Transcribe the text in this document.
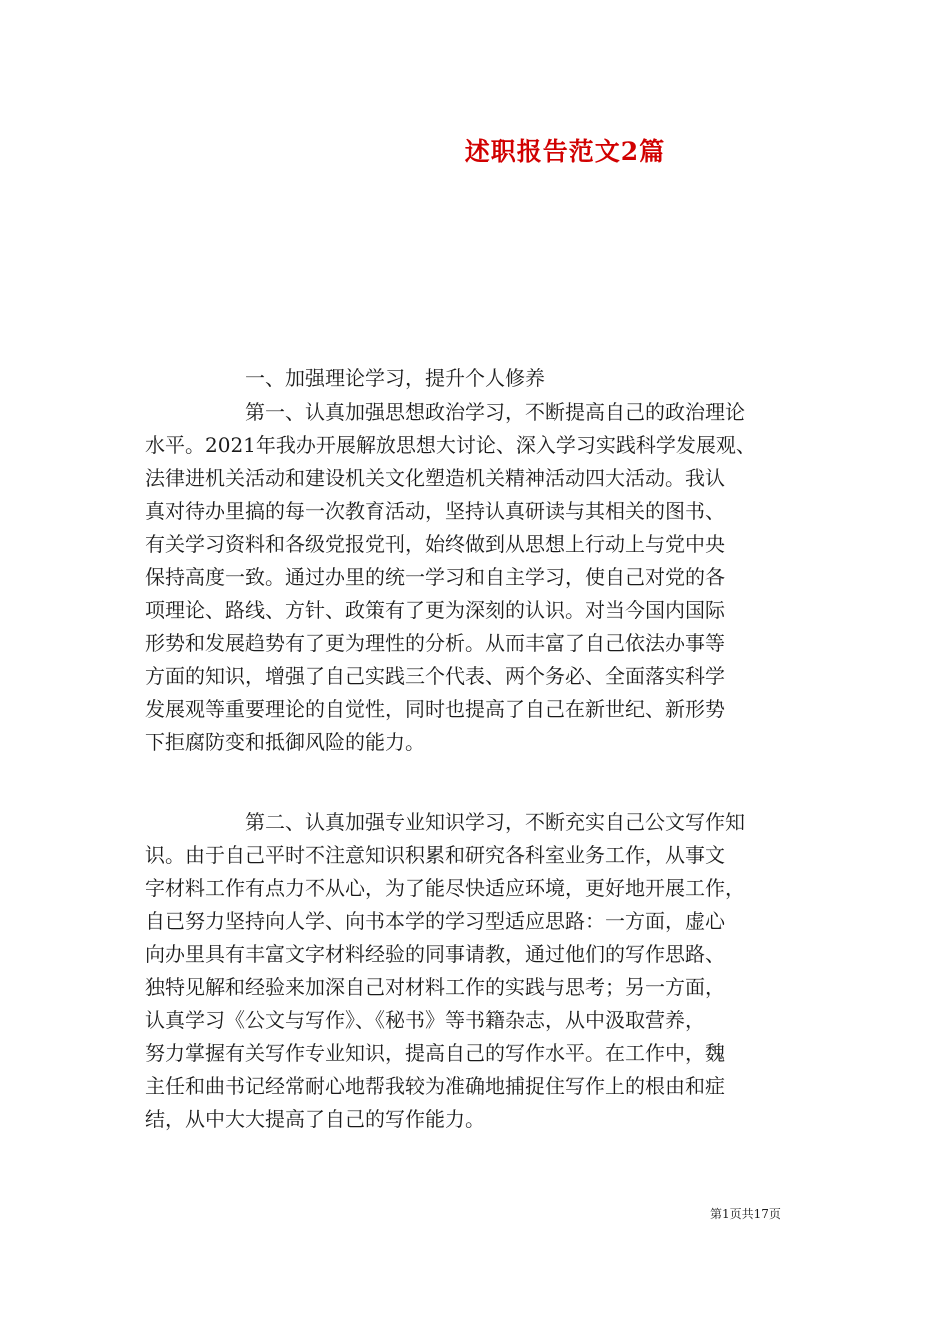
述职报告范文2篇
一、加强理论学习，提升个人修养
第一、认真加强思想政治学习，不断提高自己的政治理论
水平。2021年我办开展解放思想大讨论、深入学习实践科学发展观、
法律进机关活动和建设机关文化塑造机关精神活动四大活动。我认
真对待办里搞的每一次教育活动，坚持认真研读与其相关的图书、
有关学习资料和各级党报党刊，始终做到从思想上行动上与党中央
保持高度一致。通过办里的统一学习和自主学习，使自己对党的各
项理论、路线、方针、政策有了更为深刻的认识。对当今国内国际
形势和发展趋势有了更为理性的分析。从而丰富了自己依法办事等
方面的知识，增强了自己实践三个代表、两个务必、全面落实科学
发展观等重要理论的自觉性，同时也提高了自己在新世纪、新形势
下拒腐防变和抵御风险的能力。
第二、认真加强专业知识学习，不断充实自己公文写作知
识。由于自己平时不注意知识积累和研究各科室业务工作，从事文
字材料工作有点力不从心，为了能尽快适应环境，更好地开展工作，
自已努力坚持向人学、向书本学的学习型适应思路：一方面，虚心
向办里具有丰富文字材料经验的同事请教，通过他们的写作思路、
独特见解和经验来加深自己对材料工作的实践与思考；另一方面，
认真学习《公文与写作》、《秘书》等书籍杂志，从中汲取营养，
努力掌握有关写作专业知识，提高自己的写作水平。在工作中，魏
主任和曲书记经常耐心地帮我较为准确地捕捉住写作上的根由和症
结，从中大大提高了自己的写作能力。
第1页共17页
